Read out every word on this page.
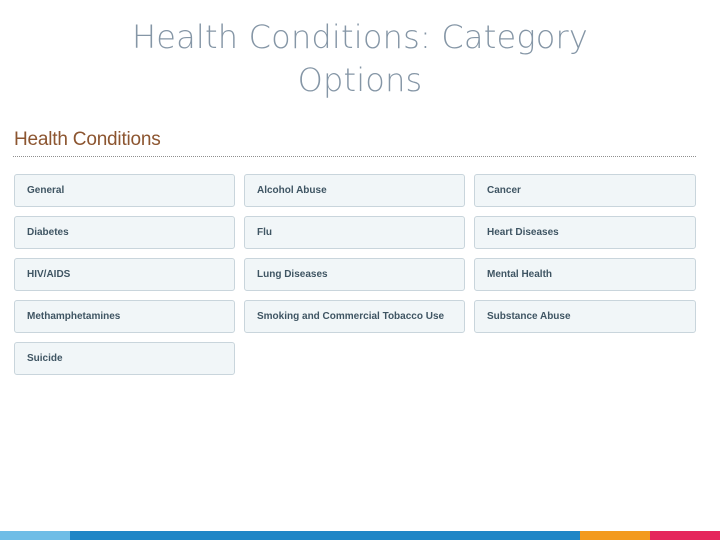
Health Conditions: Category
Options
Health Conditions
General	Alcohol Abuse	Cancer
Diabetes	Flu	Heart Diseases
HIV/AIDS	Lung Diseases	Mental Health
Methamphetamines	Smoking and Commercial Tobacco Use	Substance Abuse
Suicide
